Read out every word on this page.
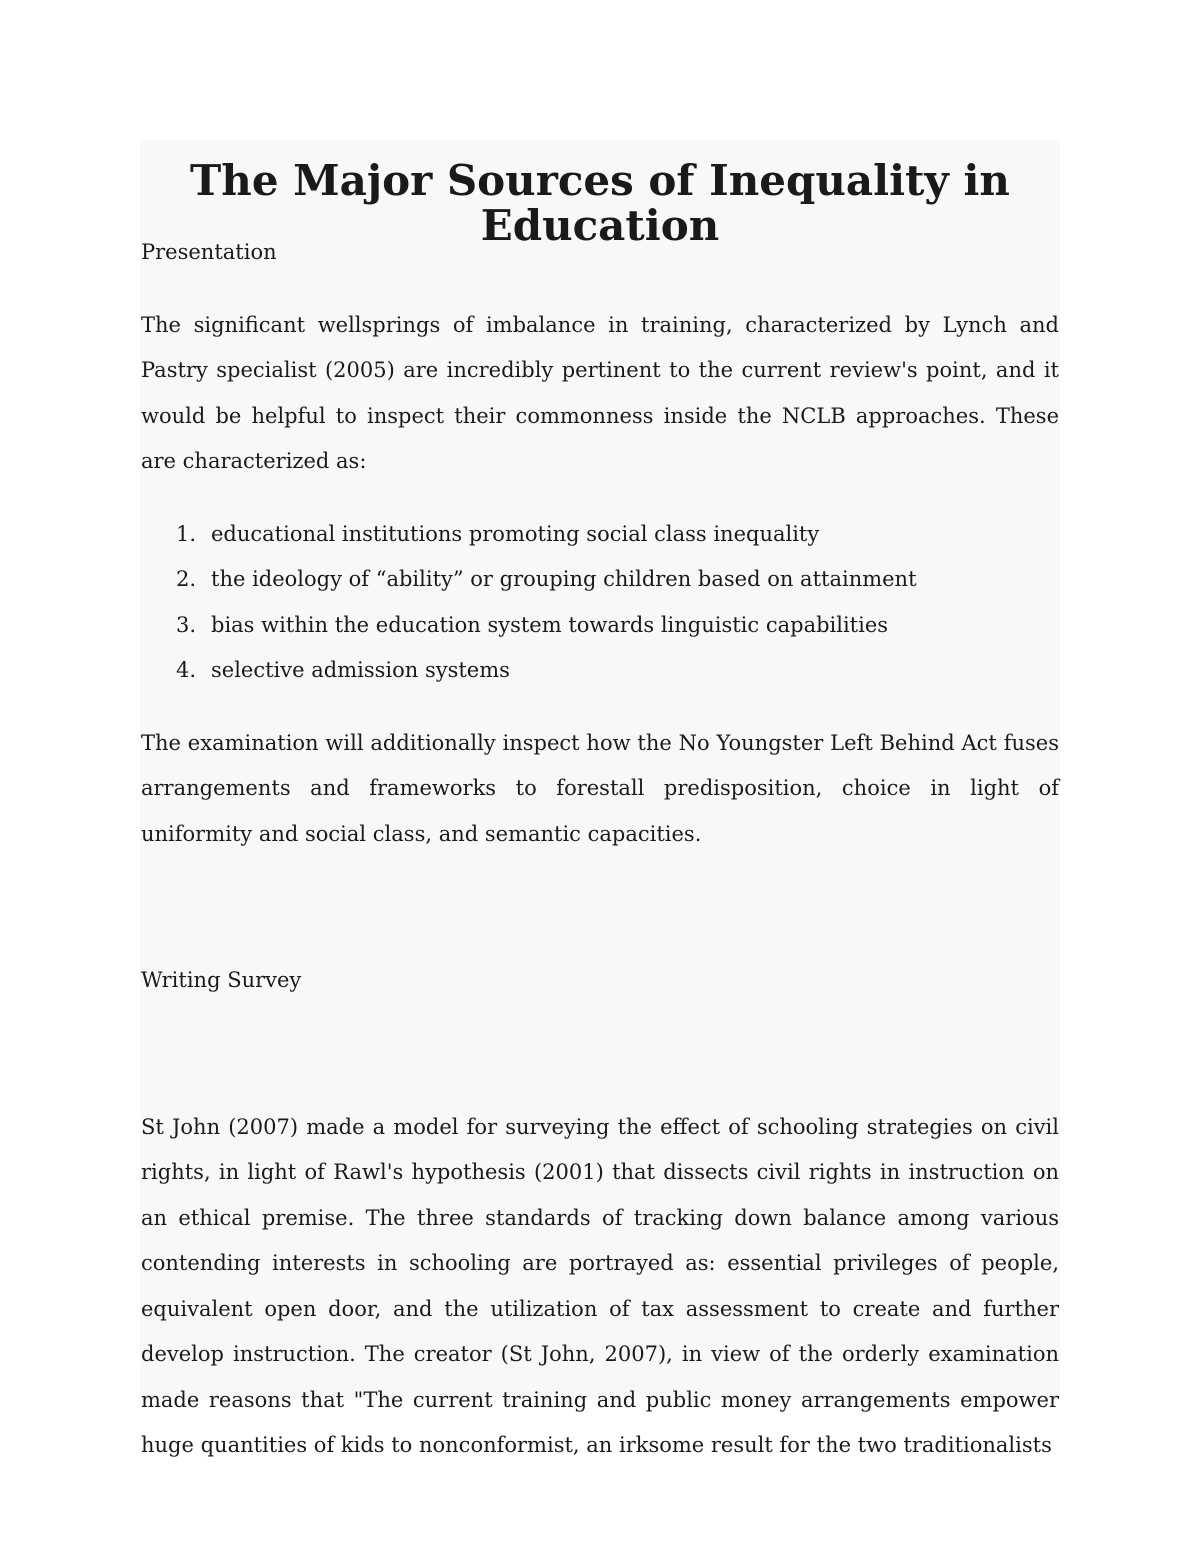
The Major Sources of Inequality in Education

Presentation

The significant wellsprings of imbalance in training, characterized by Lynch and Pastry specialist (2005) are incredibly pertinent to the current review's point, and it would be helpful to inspect their commonness inside the NCLB approaches. These are characterized as:

1. educational institutions promoting social class inequality
2. the ideology of “ability” or grouping children based on attainment
3. bias within the education system towards linguistic capabilities
4. selective admission systems

The examination will additionally inspect how the No Youngster Left Behind Act fuses arrangements and frameworks to forestall predisposition, choice in light of uniformity and social class, and semantic capacities.

Writing Survey

St John (2007) made a model for surveying the effect of schooling strategies on civil rights, in light of Rawl's hypothesis (2001) that dissects civil rights in instruction on an ethical premise. The three standards of tracking down balance among various contending interests in schooling are portrayed as: essential privileges of people, equivalent open door, and the utilization of tax assessment to create and further develop instruction. The creator (St John, 2007), in view of the orderly examination made reasons that "The current training and public money arrangements empower huge quantities of kids to nonconformist, an irksome result for the two traditionalists
